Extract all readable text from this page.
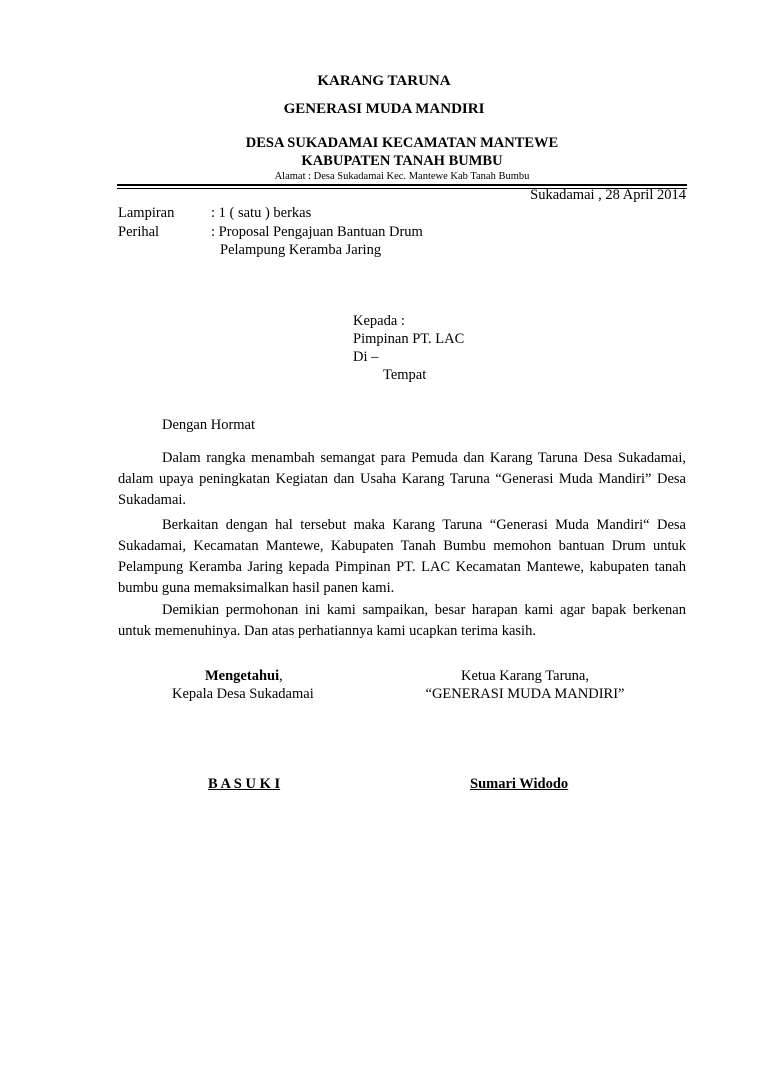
KARANG TARUNA
GENERASI MUDA MANDIRI
DESA SUKADAMAI KECAMATAN MANTEWE
KABUPATEN TANAH BUMBU
Alamat : Desa Sukadamai Kec. Mantewe Kab Tanah Bumbu
Sukadamai , 28 April 2014
Lampiran	: 1 ( satu ) berkas
Perihal	: Proposal Pengajuan Bantuan Drum
Pelampung Keramba Jaring
Kepada :
Pimpinan PT. LAC
Di –
Tempat
Dengan Hormat

Dalam rangka menambah semangat para Pemuda dan Karang Taruna Desa Sukadamai, dalam upaya peningkatan Kegiatan dan Usaha Karang Taruna “Generasi Muda Mandiri” Desa Sukadamai.

Berkaitan dengan hal tersebut maka Karang Taruna “Generasi Muda Mandiri“ Desa Sukadamai, Kecamatan Mantewe, Kabupaten Tanah Bumbu memohon bantuan Drum untuk Pelampung Keramba Jaring kepada Pimpinan PT. LAC Kecamatan Mantewe, kabupaten tanah bumbu guna memaksimalkan hasil panen kami.

Demikian permohonan ini kami sampaikan, besar harapan kami agar bapak berkenan untuk memenuhinya. Dan atas perhatiannya kami ucapkan terima kasih.

Mengetahui,
Kepala Desa Sukadamai
B A S U K I
Ketua Karang Taruna,
“GENERASI MUDA MANDIRI”
Sumari Widodo
